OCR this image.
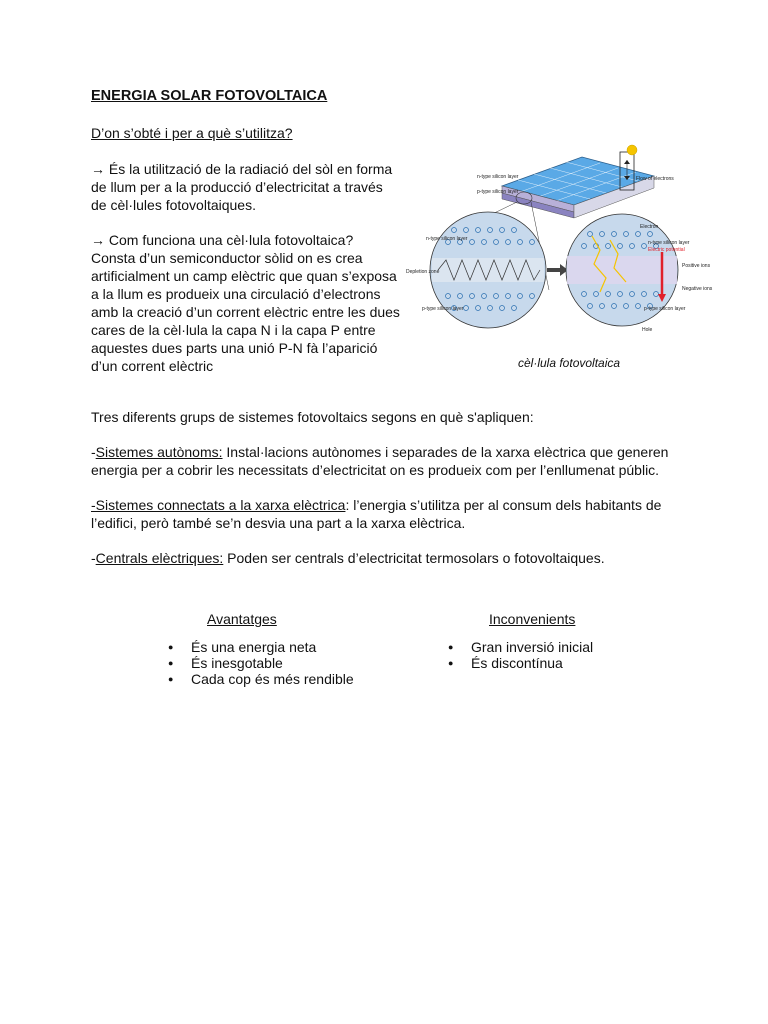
ENERGIA SOLAR FOTOVOLTAICA
D’on s’obté i per a què s’utilitza?
→ És la utilització de la radiació del sòl en forma de llum per a la producció d’electricitat a través de cèl·lules fotovoltaiques.
→ Com funciona una cèl·lula fotovoltaica? Consta d’un semiconductor sòlid on es crea artificialment un camp elèctric que quan s’exposa a la llum es produeix una circulació d’electrons amb la creació d’un corrent elèctric entre les dues cares de la cèl·lula la capa N i la capa P entre aquestes dues parts una unió P-N fà l’aparició d’un corrent elèctric
n-type silicon layer
p-type silicon layer
Flow of electrons
n-type silicon layer
Depletion zone
p-type silicon layer
Electron
n-type silicon layer
Electric potential
Positive ions
Negative ions
p-type silicon layer
Hole
cèl·lula fotovoltaica
Tres diferents grups de sistemes fotovoltaics segons en què s'apliquen:
-Sistemes autònoms: Instal·lacions autònomes i separades de la xarxa elèctrica que generen energia per a cobrir les necessitats d’electricitat on es produeix com per l’enllumenat públic.
-Sistemes connectats a la xarxa elèctrica: l’energia s’utilitza per al consum dels habitants de l’edifici, però també se’n desvia una part a la xarxa elèctrica.
-Centrals elèctriques: Poden ser centrals d’electricitat termosolars o fotovoltaiques.
Avantatges
● És una energia neta
● És inesgotable
● Cada cop és més rendible
Inconvenients
● Gran inversió inicial
● És discontínua
